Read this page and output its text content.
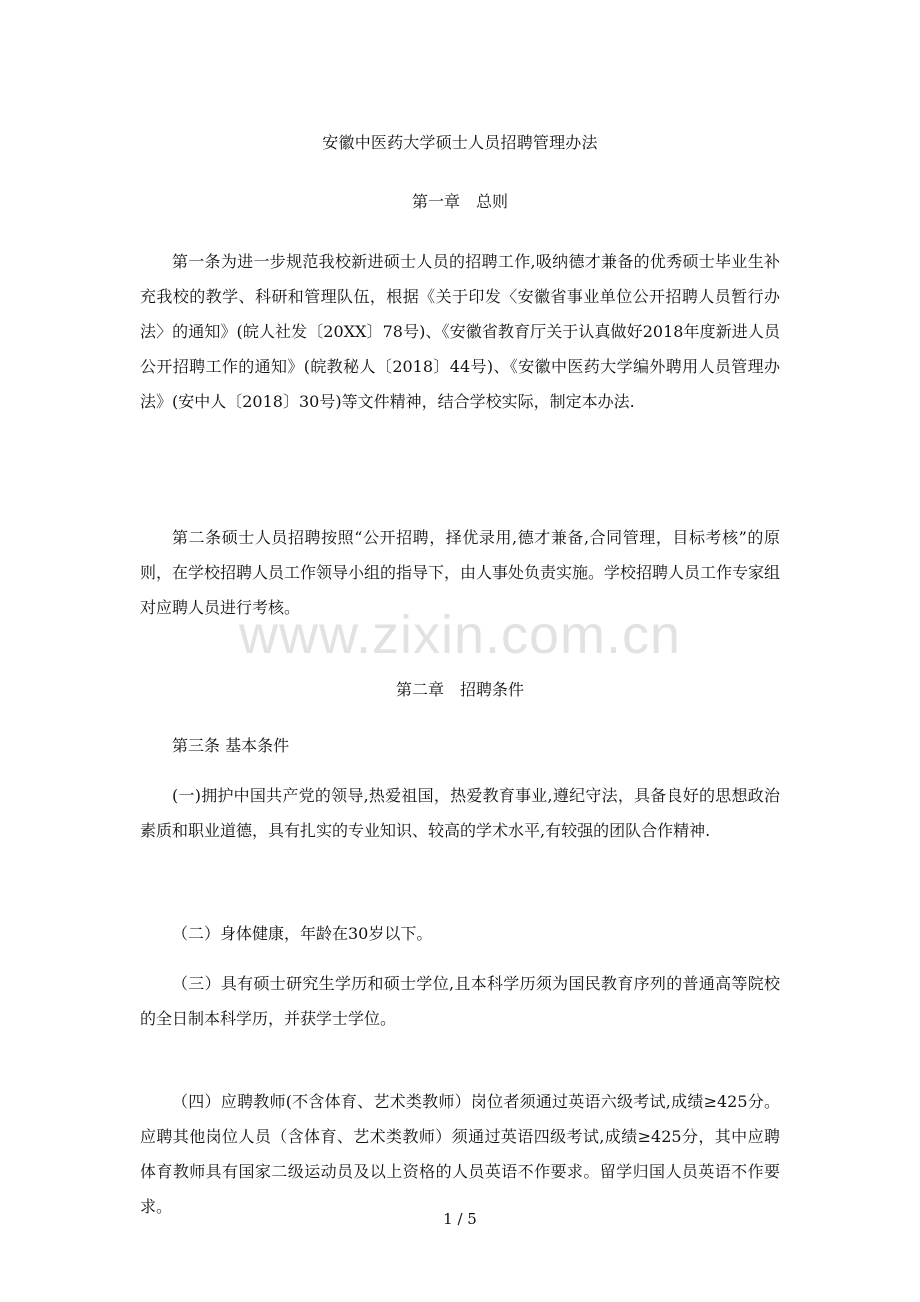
安徽中医药大学硕士人员招聘管理办法
第一章　总则
第一条为进一步规范我校新进硕士人员的招聘工作,吸纳德才兼备的优秀硕士毕业生补充我校的教学、科研和管理队伍，根据《关于印发〈安徽省事业单位公开招聘人员暂行办法〉的通知》(皖人社发〔20XX〕78号)、《安徽省教育厅关于认真做好2018年度新进人员公开招聘工作的通知》(皖教秘人〔2018〕44号)、《安徽中医药大学编外聘用人员管理办法》(安中人〔2018〕30号)等文件精神，结合学校实际，制定本办法.
第二条硕士人员招聘按照“公开招聘，择优录用,德才兼备,合同管理，目标考核”的原则，在学校招聘人员工作领导小组的指导下，由人事处负责实施。学校招聘人员工作专家组对应聘人员进行考核。
第二章　招聘条件
第三条 基本条件
(一)拥护中国共产党的领导,热爱祖国，热爱教育事业,遵纪守法，具备良好的思想政治素质和职业道德，具有扎实的专业知识、较高的学术水平,有较强的团队合作精神.
（二）身体健康，年龄在30岁以下。
（三）具有硕士研究生学历和硕士学位,且本科学历须为国民教育序列的普通高等院校的全日制本科学历，并获学士学位。
（四）应聘教师(不含体育、艺术类教师）岗位者须通过英语六级考试,成绩≥425分。应聘其他岗位人员（含体育、艺术类教师）须通过英语四级考试,成绩≥425分，其中应聘体育教师具有国家二级运动员及以上资格的人员英语不作要求。留学归国人员英语不作要求。
www.zixin.com.cn
1 / 5
